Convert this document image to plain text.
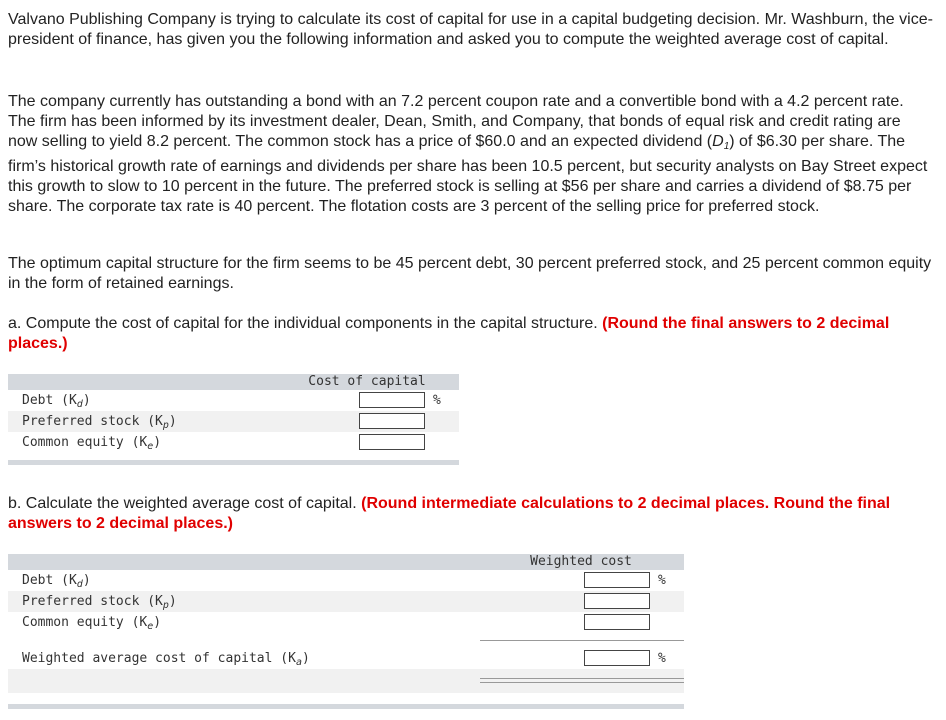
Valvano Publishing Company is trying to calculate its cost of capital for use in a capital budgeting decision. Mr. Washburn, the vice-president of finance, has given you the following information and asked you to compute the weighted average cost of capital.

The company currently has outstanding a bond with an 7.2 percent coupon rate and a convertible bond with a 4.2 percent rate. The firm has been informed by its investment dealer, Dean, Smith, and Company, that bonds of equal risk and credit rating are now selling to yield 8.2 percent. The common stock has a price of $60.0 and an expected dividend $(D_1)$ of $6.30 per share. The firm’s historical growth rate of earnings and dividends per share has been 10.5 percent, but security analysts on Bay Street expect this growth to slow to 10 percent in the future. The preferred stock is selling at $56 per share and carries a dividend of $8.75 per share. The corporate tax rate is 40 percent. The flotation costs are 3 percent of the selling price for preferred stock.

The optimum capital structure for the firm seems to be 45 percent debt, 30 percent preferred stock, and 25 percent common equity in the form of retained earnings.

a. Compute the cost of capital for the individual components in the capital structure. (Round the final answers to 2 decimal places.)

Cost of capital
Debt $(K_d)$	%
Preferred stock $(K_p)$
Common equity $(K_e)$

b. Calculate the weighted average cost of capital. (Round intermediate calculations to 2 decimal places. Round the final answers to 2 decimal places.)

Weighted cost
Debt $(K_d)$	%
Preferred stock $(K_p)$
Common equity $(K_e)$
Weighted average cost of capital $(K_a)$	%
